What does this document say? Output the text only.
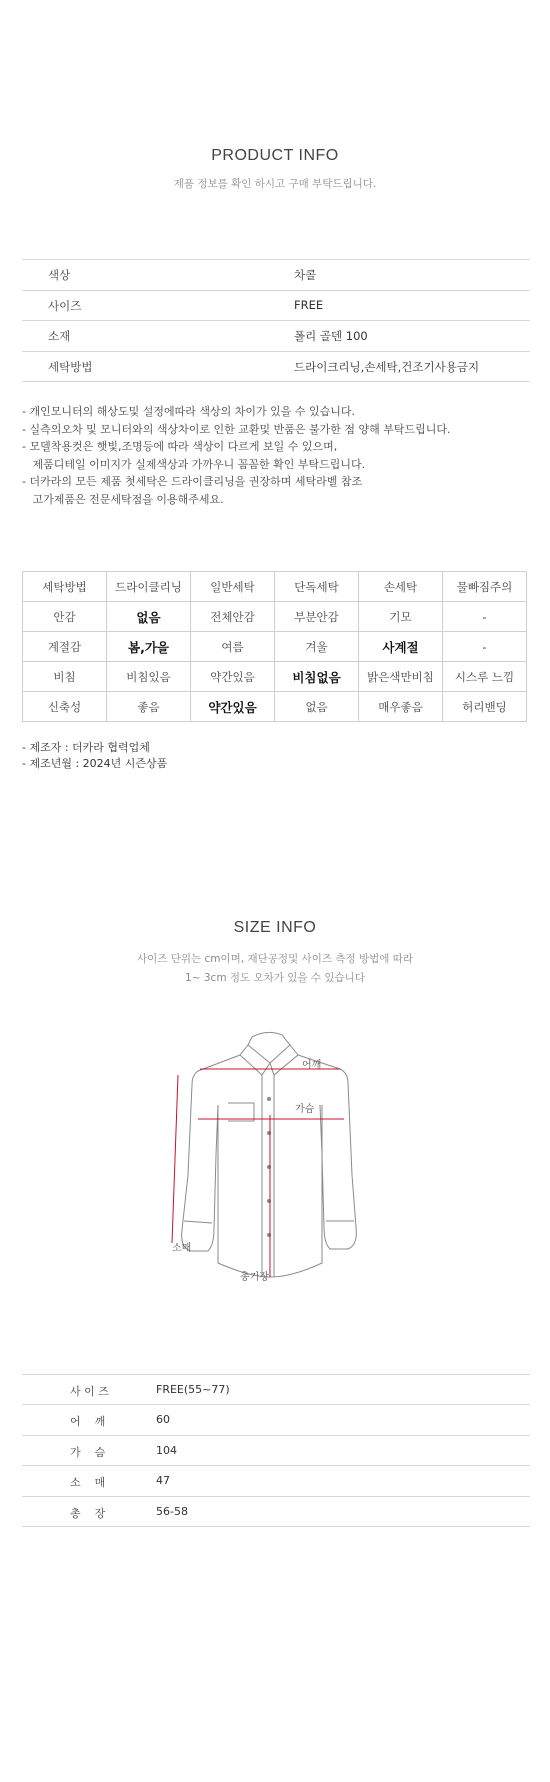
PRODUCT INFO
제품 정보를 확인 하시고 구매 부탁드립니다.
색상	차콜
사이즈	FREE
소재	폴리 골덴 100
세탁방법	드라이크리닝,손세탁,건조기사용금지
- 개인모니터의 해상도및 설정에따라 색상의 차이가 있을 수 있습니다.
- 실측의오차 및 모니터와의 색상차이로 인한 교환및 반품은 불가한 점 양해 부탁드립니다.
- 모델착용컷은 햇빛,조명등에 따라 색상이 다르게 보일 수 있으며,
제품디테일 이미지가 실제색상과 가까우니 꼼꼼한 확인 부탁드립니다.
- 더카라의 모든 제품 첫세탁은 드라이클리닝을 권장하며 세탁라벨 참조
고가제품은 전문세탁점을 이용해주세요.
세탁방법	드라이클리닝	일반세탁	단독세탁	손세탁	물빠짐주의
안감	없음	전체안감	부분안감	기모	-
계절감	봄,가을	여름	겨울	사계절	-
비침	비침있음	약간있음	비침없음	밝은색만비침	시스루 느낌
신축성	좋음	약간있음	없음	매우좋음	허리밴딩
- 제조자 : 더카라 협력업체
- 제조년월 : 2024년 시즌상품
SIZE INFO
사이즈 단위는 cm이며, 재단공정및 사이즈 측정 방법에 따라
1~ 3cm 정도 오차가 있을 수 있습니다
어깨
가슴
소매
총기장
사 이 즈	FREE(55~77)
어    깨	60
가    슴	104
소    매	47
총    장	56-58
